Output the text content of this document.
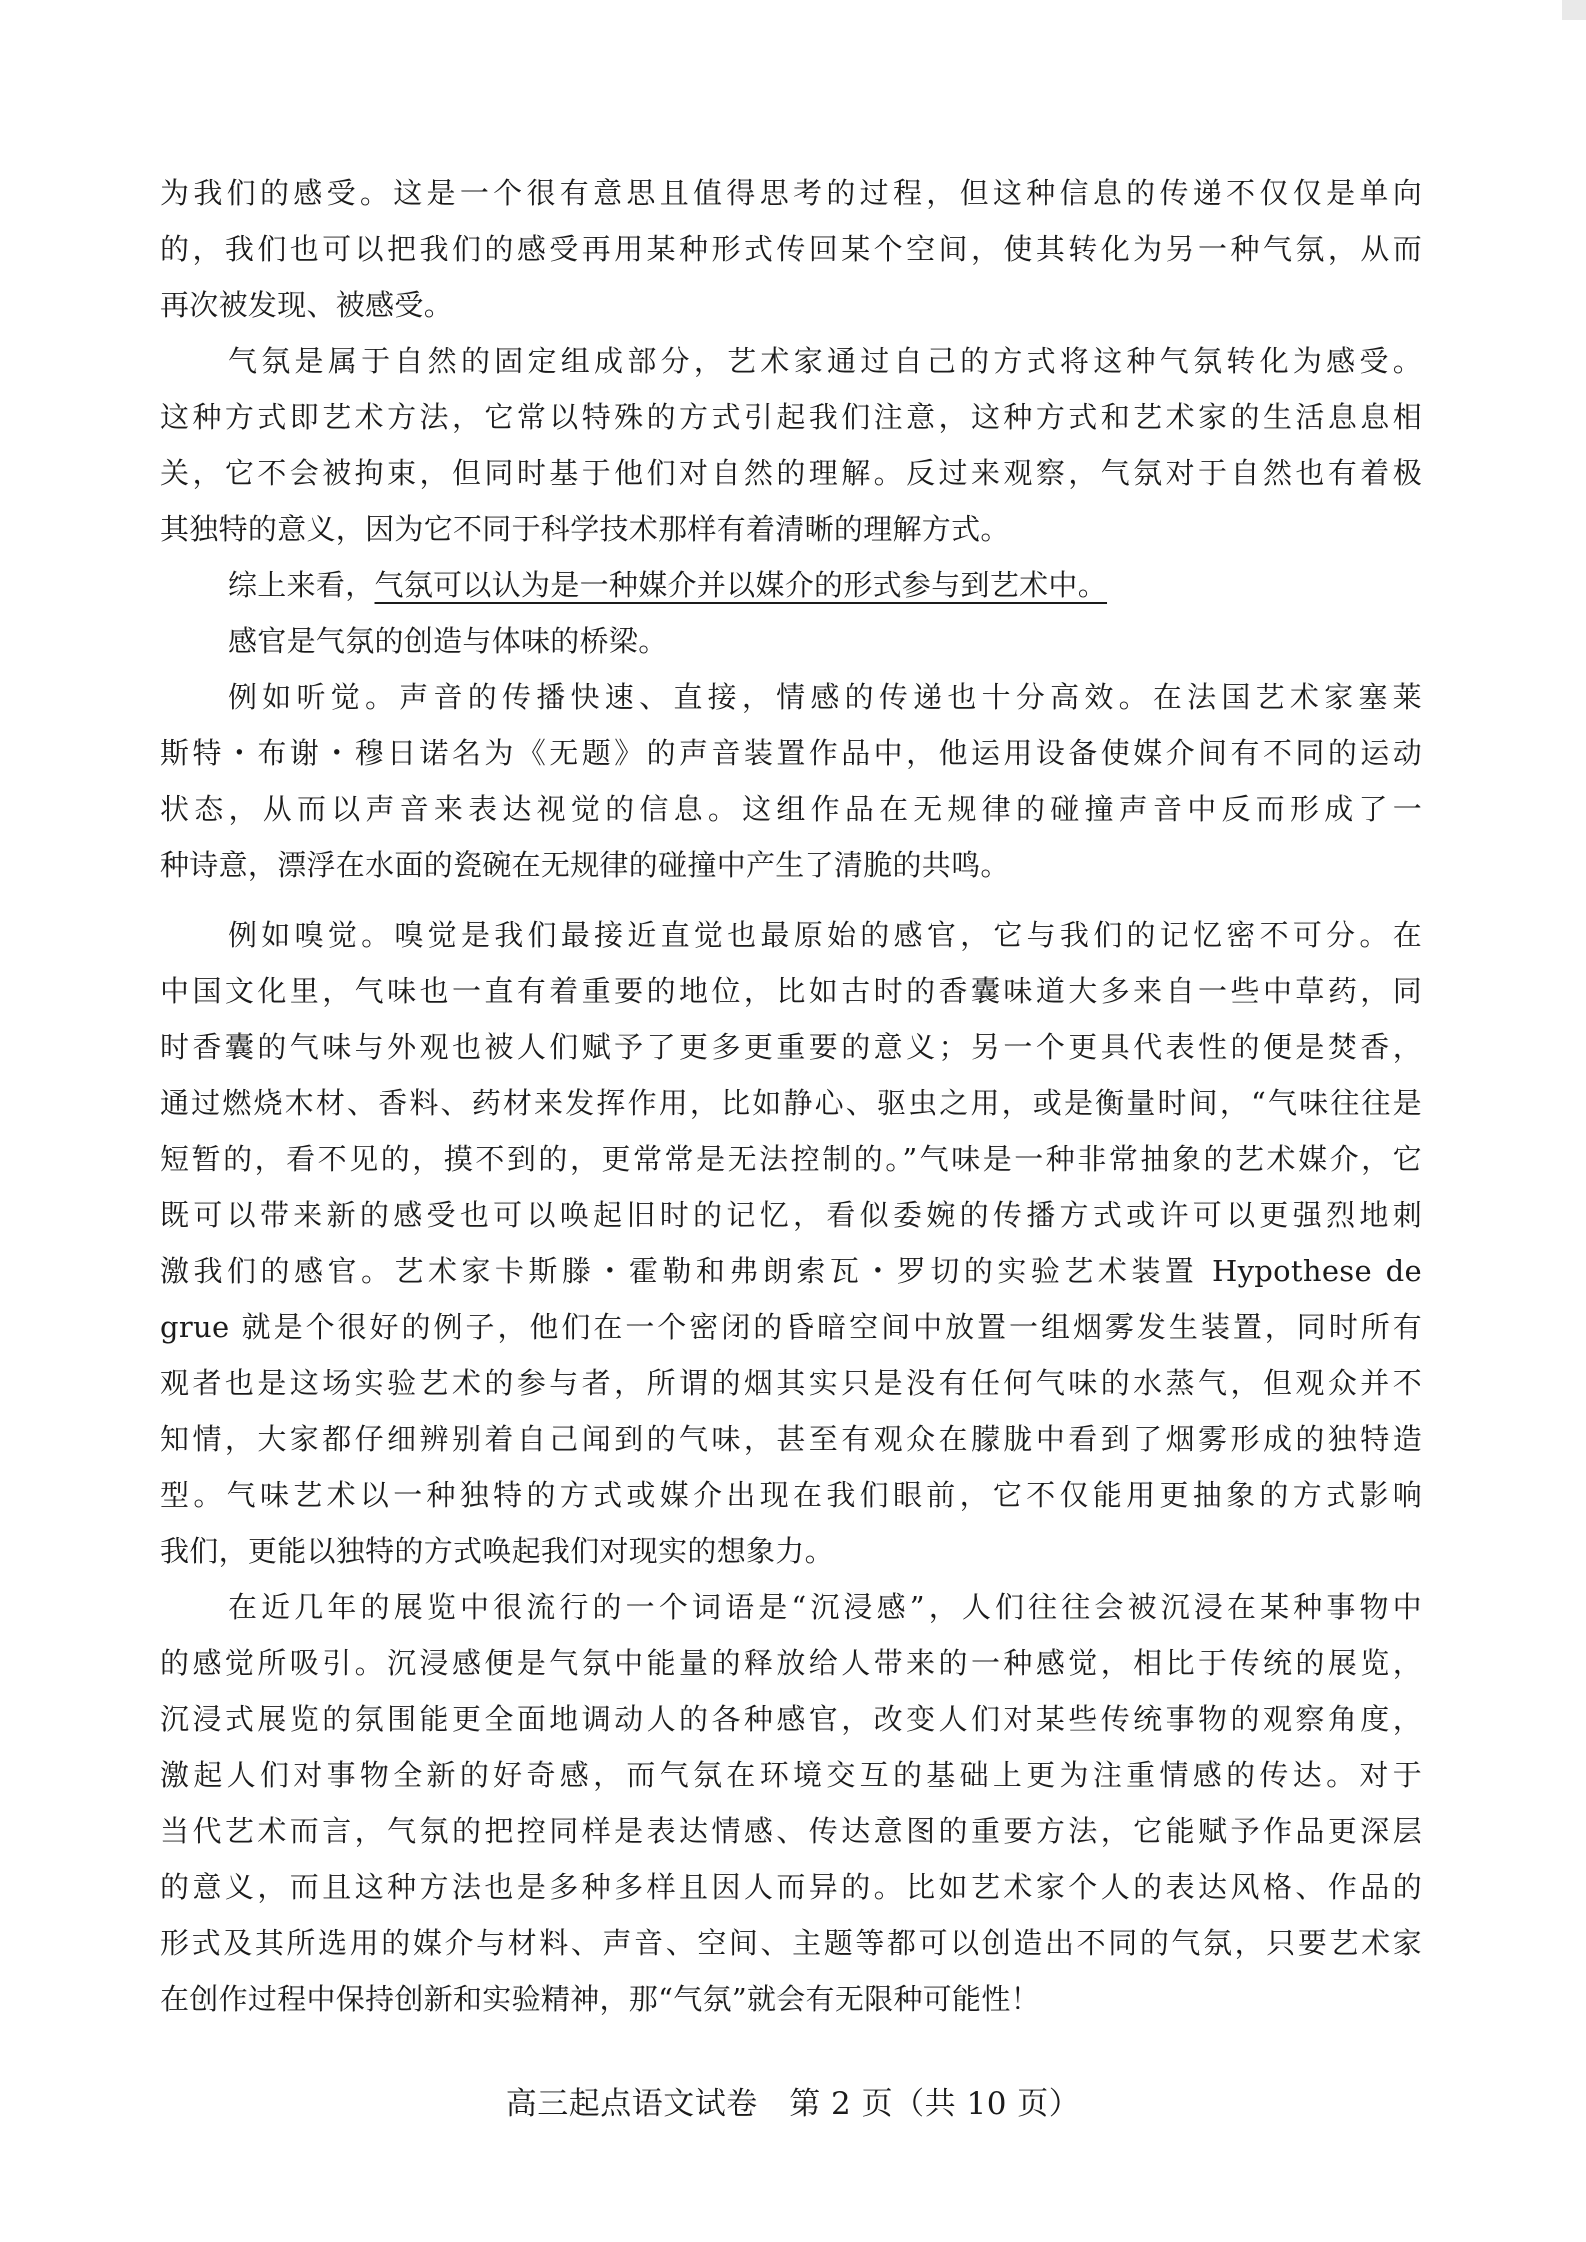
为我们的感受。这是一个很有意思且值得思考的过程，但这种信息的传递不仅仅是单向
的，我们也可以把我们的感受再用某种形式传回某个空间，使其转化为另一种气氛，从而
再次被发现、被感受。
气氛是属于自然的固定组成部分，艺术家通过自己的方式将这种气氛转化为感受。
这种方式即艺术方法，它常以特殊的方式引起我们注意，这种方式和艺术家的生活息息相
关，它不会被拘束，但同时基于他们对自然的理解。反过来观察，气氛对于自然也有着极
其独特的意义，因为它不同于科学技术那样有着清晰的理解方式。
综上来看，气氛可以认为是一种媒介并以媒介的形式参与到艺术中。
感官是气氛的创造与体味的桥梁。
例如听觉。声音的传播快速、直接，情感的传递也十分高效。在法国艺术家塞莱
斯特・布谢・穆日诺名为《无题》的声音装置作品中，他运用设备使媒介间有不同的运动
状态，从而以声音来表达视觉的信息。这组作品在无规律的碰撞声音中反而形成了一
种诗意，漂浮在水面的瓷碗在无规律的碰撞中产生了清脆的共鸣。
例如嗅觉。嗅觉是我们最接近直觉也最原始的感官，它与我们的记忆密不可分。在
中国文化里，气味也一直有着重要的地位，比如古时的香囊味道大多来自一些中草药，同
时香囊的气味与外观也被人们赋予了更多更重要的意义；另一个更具代表性的便是焚香，
通过燃烧木材、香料、药材来发挥作用，比如静心、驱虫之用，或是衡量时间，“气味往往是
短暂的，看不见的，摸不到的，更常常是无法控制的。”气味是一种非常抽象的艺术媒介，它
既可以带来新的感受也可以唤起旧时的记忆，看似委婉的传播方式或许可以更强烈地刺
激我们的感官。艺术家卡斯滕・霍勒和弗朗索瓦・罗切的实验艺术装置 Hypothese de
grue 就是个很好的例子，他们在一个密闭的昏暗空间中放置一组烟雾发生装置，同时所有
观者也是这场实验艺术的参与者，所谓的烟其实只是没有任何气味的水蒸气，但观众并不
知情，大家都仔细辨别着自己闻到的气味，甚至有观众在朦胧中看到了烟雾形成的独特造
型。气味艺术以一种独特的方式或媒介出现在我们眼前，它不仅能用更抽象的方式影响
我们，更能以独特的方式唤起我们对现实的想象力。
在近几年的展览中很流行的一个词语是“沉浸感”，人们往往会被沉浸在某种事物中
的感觉所吸引。沉浸感便是气氛中能量的释放给人带来的一种感觉，相比于传统的展览，
沉浸式展览的氛围能更全面地调动人的各种感官，改变人们对某些传统事物的观察角度，
激起人们对事物全新的好奇感，而气氛在环境交互的基础上更为注重情感的传达。对于
当代艺术而言，气氛的把控同样是表达情感、传达意图的重要方法，它能赋予作品更深层
的意义，而且这种方法也是多种多样且因人而异的。比如艺术家个人的表达风格、作品的
形式及其所选用的媒介与材料、声音、空间、主题等都可以创造出不同的气氛，只要艺术家
在创作过程中保持创新和实验精神，那“气氛”就会有无限种可能性！
高三起点语文试卷　第 2 页（共 10 页）
